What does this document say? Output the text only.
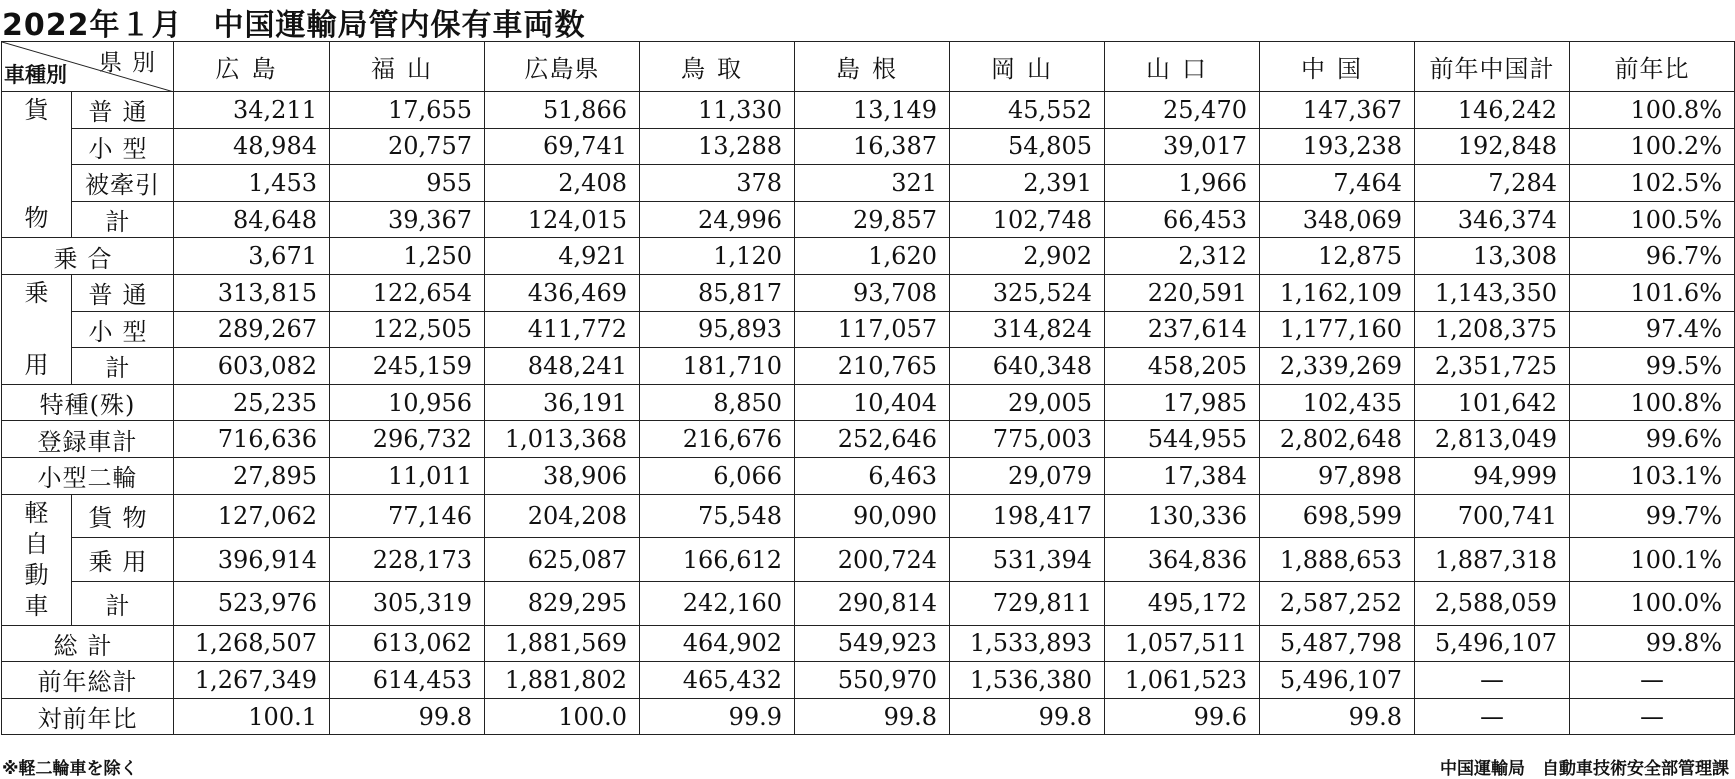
2022年１月　中国運輸局管内保有車両数
県別
車種別		広島	福山	広島県	鳥取	島根	岡山	山口	中国	前年中国計	前年比

貨
物	普通	34,211	17,655	51,866	11,330	13,149	45,552	25,470	147,367	146,242	100.8%
	小型	48,984	20,757	69,741	13,288	16,387	54,805	39,017	193,238	192,848	100.2%
	被牽引	1,453	955	2,408	378	321	2,391	1,966	7,464	7,284	102.5%
	計	84,648	39,367	124,015	24,996	29,857	102,748	66,453	348,069	346,374	100.5%
乗合		3,671	1,250	4,921	1,120	1,620	2,902	2,312	12,875	13,308	96.7%

乗
用	普通	313,815	122,654	436,469	85,817	93,708	325,524	220,591	1,162,109	1,143,350	101.6%
	小型	289,267	122,505	411,772	95,893	117,057	314,824	237,614	1,177,160	1,208,375	97.4%
	計	603,082	245,159	848,241	181,710	210,765	640,348	458,205	2,339,269	2,351,725	99.5%
特種(殊)		25,235	10,956	36,191	8,850	10,404	29,005	17,985	102,435	101,642	100.8%
登録車計		716,636	296,732	1,013,368	216,676	252,646	775,003	544,955	2,802,648	2,813,049	99.6%
小型二輪		27,895	11,011	38,906	6,066	6,463	29,079	17,384	97,898	94,999	103.1%

軽
自
動
車	貨物	127,062	77,146	204,208	75,548	90,090	198,417	130,336	698,599	700,741	99.7%
	乗用	396,914	228,173	625,087	166,612	200,724	531,394	364,836	1,888,653	1,887,318	100.1%
	計	523,976	305,319	829,295	242,160	290,814	729,811	495,172	2,587,252	2,588,059	100.0%
総計		1,268,507	613,062	1,881,569	464,902	549,923	1,533,893	1,057,511	5,487,798	5,496,107	99.8%
前年総計		1,267,349	614,453	1,881,802	465,432	550,970	1,536,380	1,061,523	5,496,107	—	—
対前年比		100.1	99.8	100.0	99.9	99.8	99.8	99.6	99.8	—	—
※軽二輪車を除く	中国運輸局　自動車技術安全部管理課
